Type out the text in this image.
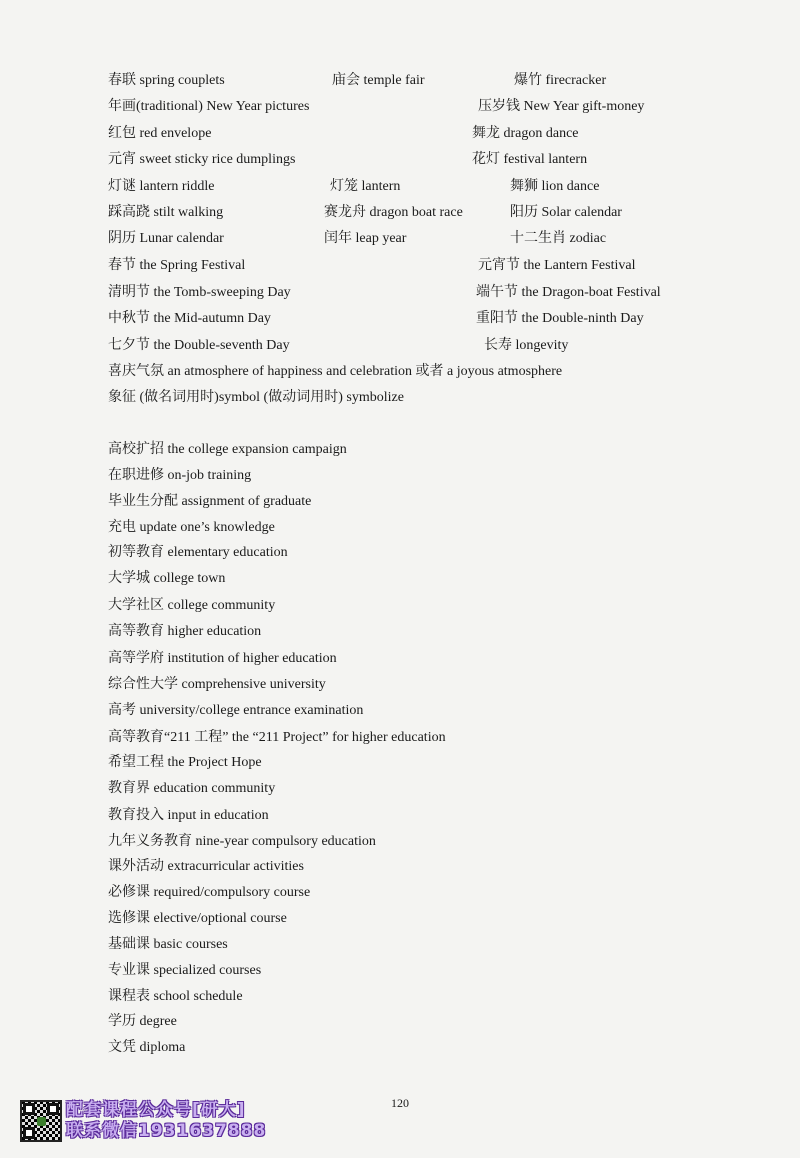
春联 spring couplets	庙会 temple fair	爆竹 firecracker
年画(traditional) New Year pictures	压岁钱 New Year gift-money
红包 red envelope	舞龙 dragon dance
元宵 sweet sticky rice dumplings	花灯 festival lantern
灯谜 lantern riddle	灯笼 lantern	舞狮 lion dance
踩高跷 stilt walking	赛龙舟 dragon boat race	阳历 Solar calendar
阴历 Lunar calendar	闰年 leap year	十二生肖 zodiac
春节 the Spring Festival	元宵节 the Lantern Festival
清明节 the Tomb-sweeping Day	端午节 the Dragon-boat Festival
中秋节 the Mid-autumn Day	重阳节 the Double-ninth Day
七夕节 the Double-seventh Day	长寿 longevity
喜庆气氛 an atmosphere of happiness and celebration 或者 a joyous atmosphere
象征 (做名词用时)symbol (做动词用时) symbolize
高校扩招 the college expansion campaign
在职进修 on-job training
毕业生分配 assignment of graduate
充电 update one’s knowledge
初等教育 elementary education
大学城 college town
大学社区 college community
高等教育 higher education
高等学府 institution of higher education
综合性大学 comprehensive university
高考 university/college entrance examination
高等教育“211 工程” the “211 Project” for higher education
希望工程 the Project Hope
教育界 education community
教育投入 input in education
九年义务教育 nine-year compulsory education
课外活动 extracurricular activities
必修课 required/compulsory course
选修课 elective/optional course
基础课 basic courses
专业课 specialized courses
课程表 school schedule
学历 degree
文凭 diploma
120
配套课程公众号[研大]
联系微信1931637888
